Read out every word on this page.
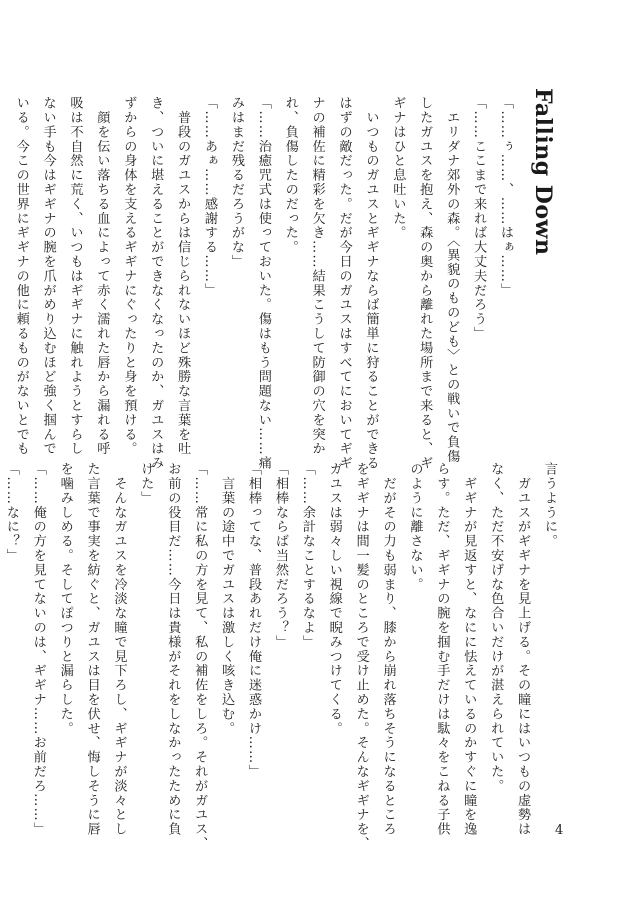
Falling Down
「……ぅ……、……はぁ……」
「……ここまで来れば大丈夫だろう」
　エリダナ郊外の森。〈異貌のものども〉との戦いで負傷
したガユスを抱え、森の奥から離れた場所まで来ると、ギ
ギナはひと息吐いた。
　いつものガユスとギギナならば簡単に狩ることができる
はずの敵だった。だが今日のガユスはすべてにおいてギギ
ナの補佐に精彩を欠き……結果こうして防御の穴を突か
れ、負傷したのだった。
「……治癒咒式は使っておいた。傷はもう問題ない……痛
みはまだ残るだろうがな」
「……あぁ……感謝する……」
　普段のガユスからは信じられないほど殊勝な言葉を吐
き、ついに堪えることができなくなったのか、ガユスはみ
ずからの身体を支えるギギナにぐったりと身を預ける。
　顔を伝い落ちる血によって赤く濡れた唇から漏れる呼
吸は不自然に荒く、いつもはギギナに触れようとすらし
ない手も今はギギナの腕を爪がめり込むほど強く掴んで
いる。今この世界にギギナの他に頼るものがないとでも
言うように。
　ガユスがギギナを見上げる。その瞳にはいつもの虚勢は
なく、ただ不安げな色合いだけが湛えられていた。
　ギギナが見返すと、なにに怯えているのかすぐに瞳を逸
らす。ただ、ギギナの腕を掴む手だけは駄々をこねる子供
のように離さない。
　だがその力も弱まり、膝から崩れ落ちそうになるところ
をギギナは間一髪のところで受け止めた。そんなギギナを、
ガユスは弱々しい視線で睨みつけてくる。
「……余計なことするなよ」
「相棒ならば当然だろう？」
「相棒ってな、普段あれだけ俺に迷惑かけ……」
　言葉の途中でガユスは激しく咳き込む。
「……常に私の方を見て、私の補佐をしろ。それがガユス、
お前の役目だ……今日は貴様がそれをしなかったために負
けた」
　そんなガユスを冷淡な瞳で見下ろし、ギギナが淡々とし
た言葉で事実を紡ぐと、ガユスは目を伏せ、悔しそうに唇
を噛みしめる。そしてぽつりと漏らした。
「……俺の方を見てないのは、ギギナ……お前だろ……」
「……なに？」
4
